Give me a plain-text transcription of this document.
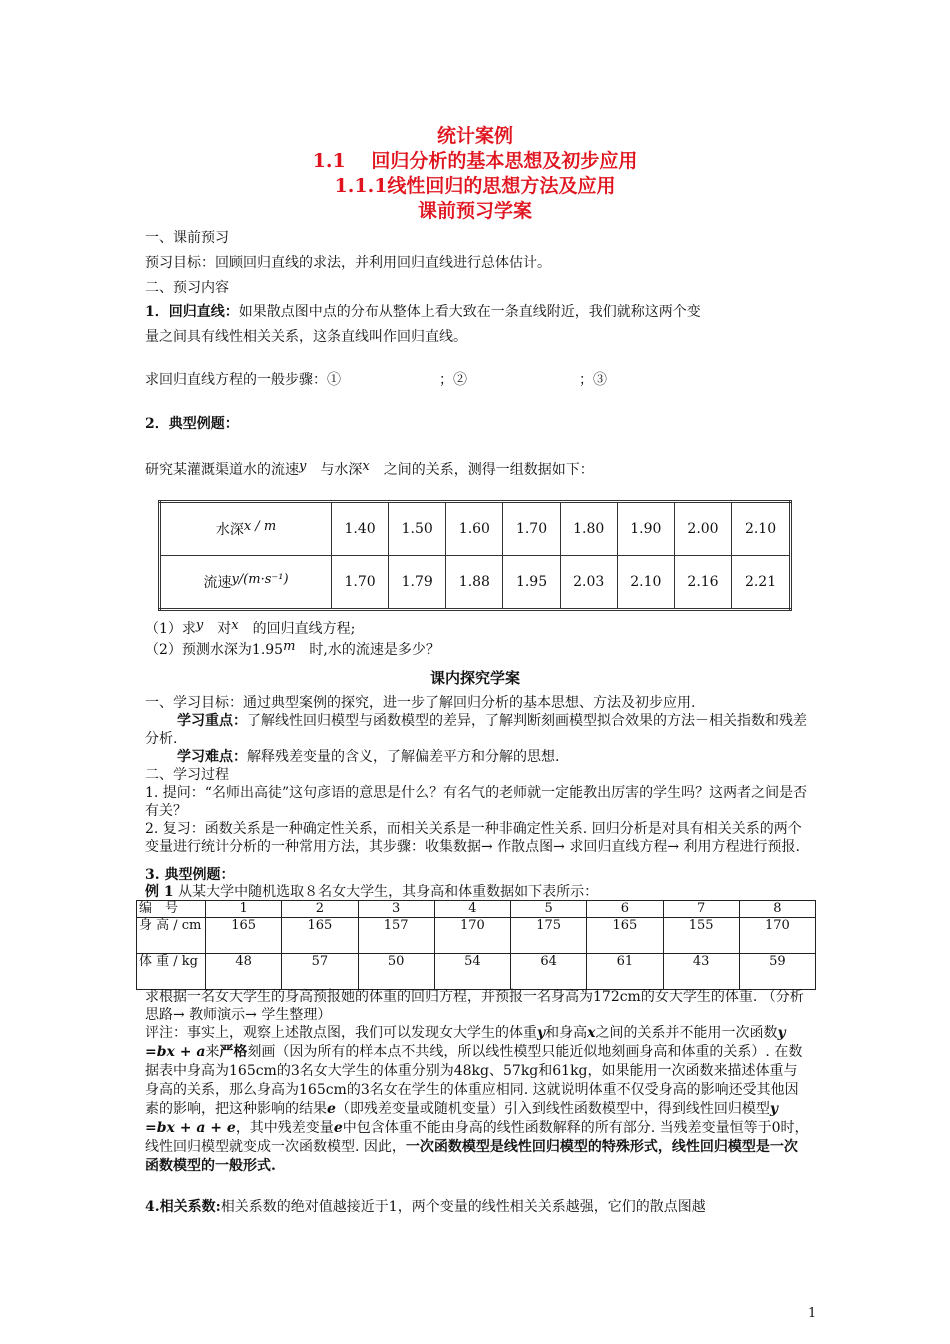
统计案例

1.1　 回归分析的基本思想及初步应用

1.1.1线性回归的思想方法及应用

课前预习学案

一、课前预习

预习目标：回顾回归直线的求法，并利用回归直线进行总体估计。

二、预习内容

1．回归直线：如果散点图中点的分布从整体上看大致在一条直线附近，我们就称这两个变

量之间具有线性相关关系，这条直线叫作回归直线。

求回归直线方程的一般步骤：①　　　　　　　；②　　　　　　　　；③

2．典型例题：

研究某灌溉渠道水的流速y　 与水深x　 之间的关系，测得一组数据如下：

水深x / m	1.40	1.50	1.60	1.70	1.80	1.90	2.00	2.10
流速y/(m·s⁻¹)	1.70	1.79	1.88	1.95	2.03	2.10	2.16	2.21

（1）求y　 对x　 的回归直线方程;

（2）预测水深为1.95m　 时,水的流速是多少？

课内探究学案

一、学习目标：通过典型案例的探究，进一步了解回归分析的基本思想、方法及初步应用.

学习重点：了解线性回归模型与函数模型的差异，了解判断刻画模型拟合效果的方法－相关指数和残差分析.

学习难点：解释残差变量的含义，了解偏差平方和分解的思想.

二、学习过程

1. 提问：“名师出高徒”这句彦语的意思是什么？有名气的老师就一定能教出厉害的学生吗？这两者之间是否有关？

2. 复习：函数关系是一种确定性关系，而相关关系是一种非确定性关系. 回归分析是对具有相关关系的两个变量进行统计分析的一种常用方法，其步骤：收集数据→ 作散点图→ 求回归直线方程→ 利用方程进行预报.

3. 典型例题：

例 1 从某大学中随机选取８名女大学生，其身高和体重数据如下表所示：

编　号	1	2	3	4	5	6	7	8
身 高 / cm	165	165	157	170	175	165	155	170
体 重 / kg	48	57	50	54	64	61	43	59

求根据一名女大学生的身高预报她的体重的回归方程，并预报一名身高为172cm的女大学生的体重. （分析思路→ 教师演示→ 学生整理）

评注：事实上，观察上述散点图，我们可以发现女大学生的体重y和身高x之间的关系并不能用一次函数y =bx + a来严格刻画（因为所有的样本点不共线，所以线性模型只能近似地刻画身高和体重的关系）. 在数据表中身高为165cm的3名女大学生的体重分别为48kg、57kg和61kg，如果能用一次函数来描述体重与身高的关系，那么身高为165cm的3名女在学生的体重应相同. 这就说明体重不仅受身高的影响还受其他因素的影响，把这种影响的结果e（即残差变量或随机变量）引入到线性函数模型中，得到线性回归模型y =bx + a + e，其中残差变量e中包含体重不能由身高的线性函数解释的所有部分. 当残差变量恒等于0时，线性回归模型就变成一次函数模型. 因此，一次函数模型是线性回归模型的特殊形式，线性回归模型是一次函数模型的一般形式.

4.相关系数:相关系数的绝对值越接近于1，两个变量的线性相关关系越强，它们的散点图越

1
